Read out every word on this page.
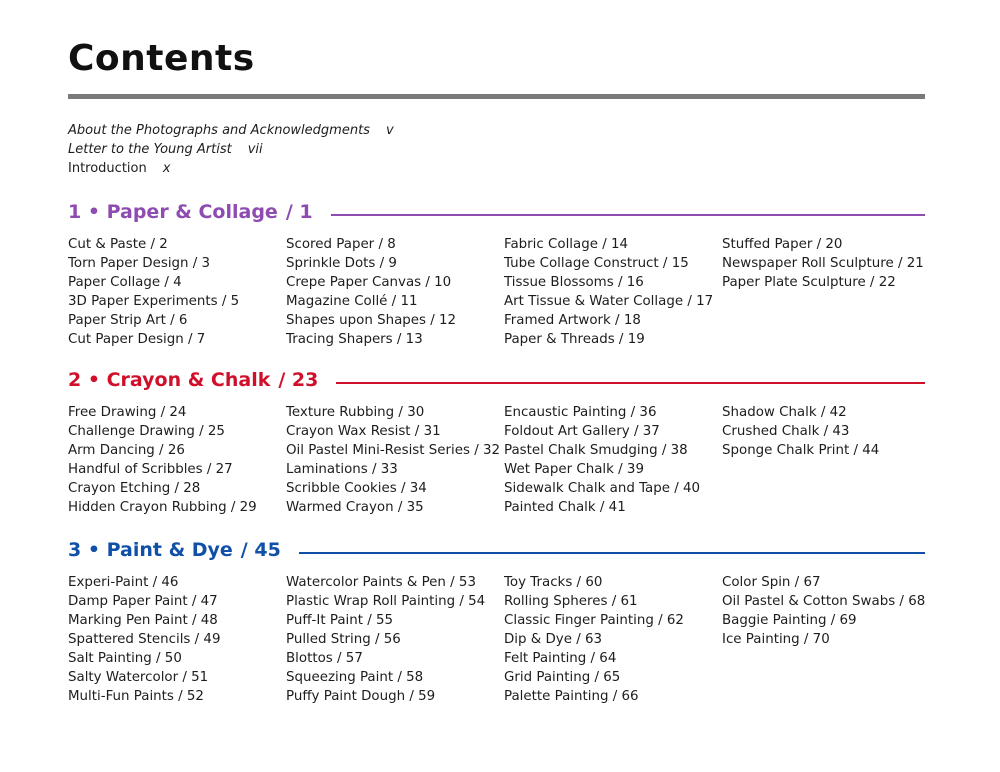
Contents
About the Photographs and Acknowledgments v
Letter to the Young Artist vii
Introduction x
1 • Paper & Collage / 1
Cut & Paste / 2
Torn Paper Design / 3
Paper Collage / 4
3D Paper Experiments / 5
Paper Strip Art / 6
Cut Paper Design / 7
Scored Paper / 8
Sprinkle Dots / 9
Crepe Paper Canvas / 10
Magazine Collé / 11
Shapes upon Shapes / 12
Tracing Shapers / 13
Fabric Collage / 14
Tube Collage Construct / 15
Tissue Blossoms / 16
Art Tissue & Water Collage / 17
Framed Artwork / 18
Paper & Threads / 19
Stuffed Paper / 20
Newspaper Roll Sculpture / 21
Paper Plate Sculpture / 22
2 • Crayon & Chalk / 23
Free Drawing / 24
Challenge Drawing / 25
Arm Dancing / 26
Handful of Scribbles / 27
Crayon Etching / 28
Hidden Crayon Rubbing / 29
Texture Rubbing / 30
Crayon Wax Resist / 31
Oil Pastel Mini-Resist Series / 32
Laminations / 33
Scribble Cookies / 34
Warmed Crayon / 35
Encaustic Painting / 36
Foldout Art Gallery / 37
Pastel Chalk Smudging / 38
Wet Paper Chalk / 39
Sidewalk Chalk and Tape / 40
Painted Chalk / 41
Shadow Chalk / 42
Crushed Chalk / 43
Sponge Chalk Print / 44
3 • Paint & Dye / 45
Experi-Paint / 46
Damp Paper Paint / 47
Marking Pen Paint / 48
Spattered Stencils / 49
Salt Painting / 50
Salty Watercolor / 51
Multi-Fun Paints / 52
Watercolor Paints & Pen / 53
Plastic Wrap Roll Painting / 54
Puff-It Paint / 55
Pulled String / 56
Blottos / 57
Squeezing Paint / 58
Puffy Paint Dough / 59
Toy Tracks / 60
Rolling Spheres / 61
Classic Finger Painting / 62
Dip & Dye / 63
Felt Painting / 64
Grid Painting / 65
Palette Painting / 66
Color Spin / 67
Oil Pastel & Cotton Swabs / 68
Baggie Painting / 69
Ice Painting / 70
